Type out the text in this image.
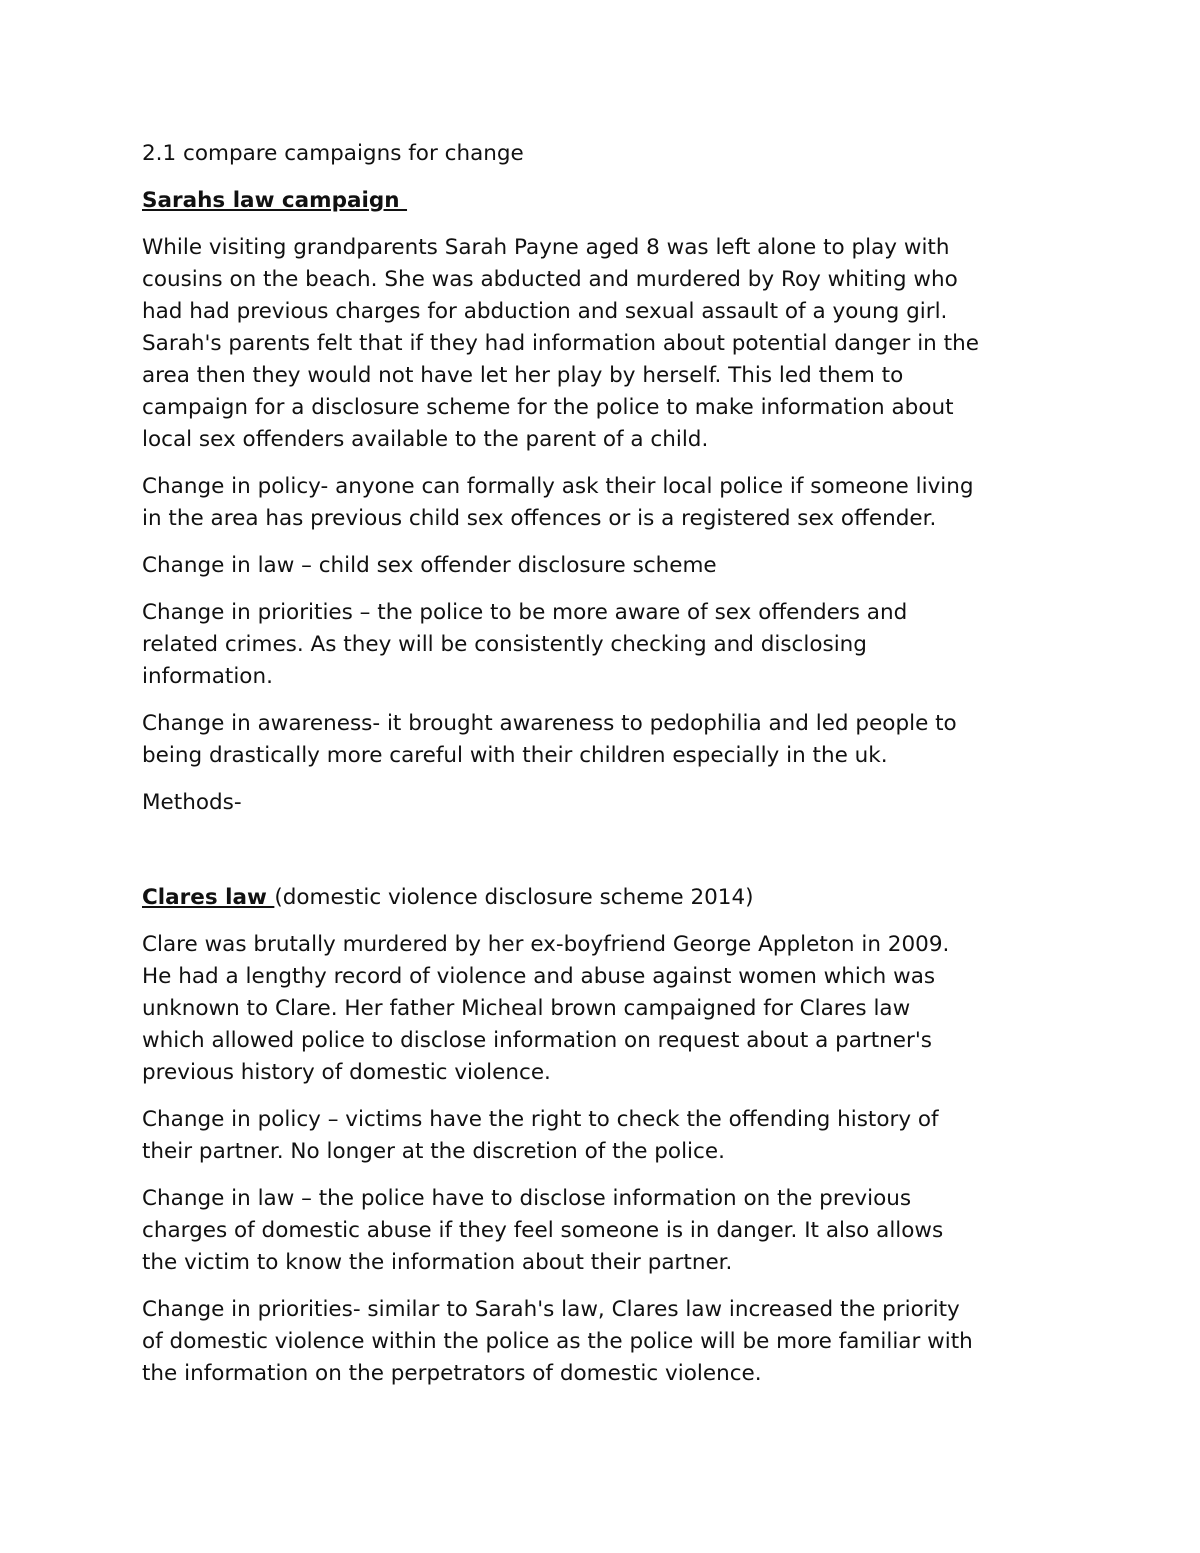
2.1 compare campaigns for change

Sarahs law campaign

While visiting grandparents Sarah Payne aged 8 was left alone to play with
cousins on the beach. She was abducted and murdered by Roy whiting who
had had previous charges for abduction and sexual assault of a young girl.
Sarah's parents felt that if they had information about potential danger in the
area then they would not have let her play by herself. This led them to
campaign for a disclosure scheme for the police to make information about
local sex offenders available to the parent of a child.

Change in policy- anyone can formally ask their local police if someone living
in the area has previous child sex offences or is a registered sex offender.

Change in law – child sex offender disclosure scheme

Change in priorities – the police to be more aware of sex offenders and
related crimes. As they will be consistently checking and disclosing
information.

Change in awareness- it brought awareness to pedophilia and led people to
being drastically more careful with their children especially in the uk.

Methods-

Clares law (domestic violence disclosure scheme 2014)

Clare was brutally murdered by her ex-boyfriend George Appleton in 2009.
He had a lengthy record of violence and abuse against women which was
unknown to Clare. Her father Micheal brown campaigned for Clares law
which allowed police to disclose information on request about a partner's
previous history of domestic violence.

Change in policy – victims have the right to check the offending history of
their partner. No longer at the discretion of the police.

Change in law – the police have to disclose information on the previous
charges of domestic abuse if they feel someone is in danger. It also allows
the victim to know the information about their partner.

Change in priorities- similar to Sarah's law, Clares law increased the priority
of domestic violence within the police as the police will be more familiar with
the information on the perpetrators of domestic violence.
